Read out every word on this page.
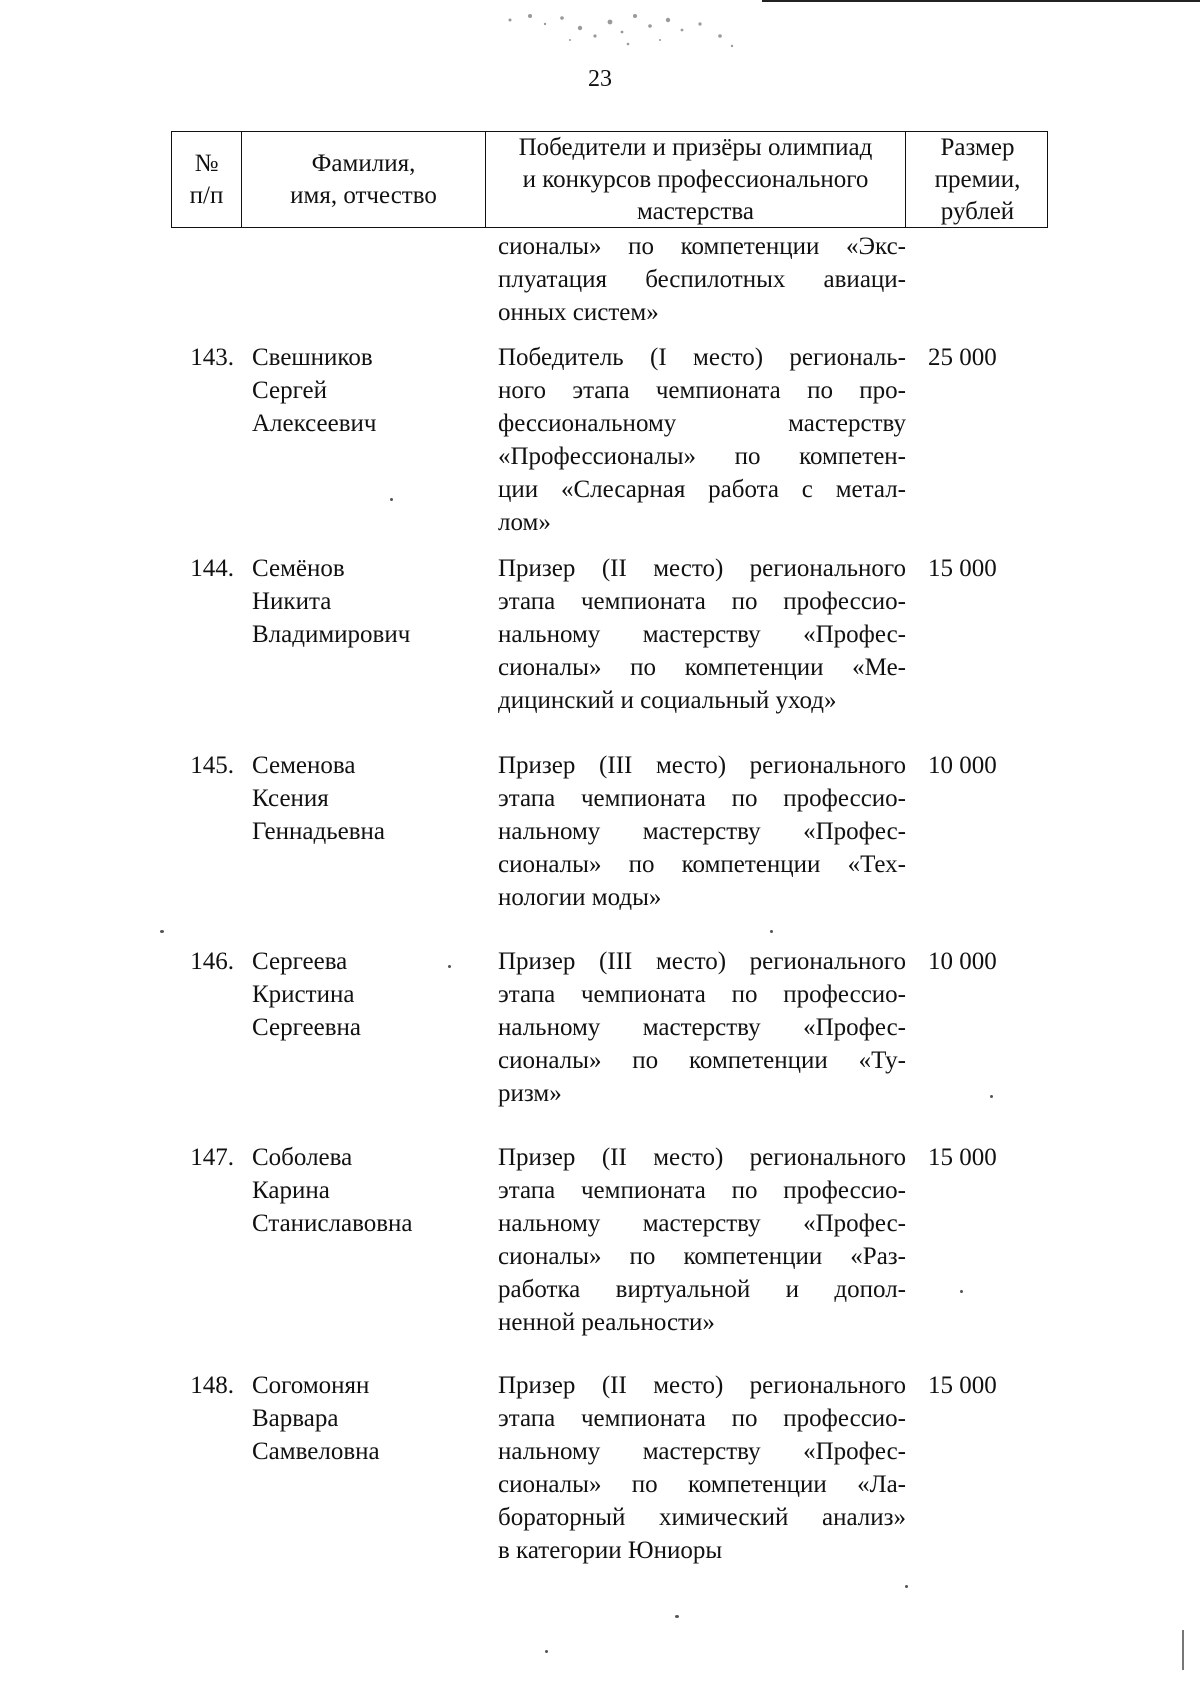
23
№
п/п
Фамилия,
имя, отчество
Победители и призёры олимпиад
и конкурсов профессионального
мастерства
Размер
премии,
рублей
сионалы» по компетенции «Экс-
плуатация беспилотных авиаци-
онных систем»
143. Свешников
Сергей
Алексеевич
Победитель (I место) региональ-
ного этапа чемпионата по про-
фессиональному мастерству
«Профессионалы» по компетен-
ции «Слесарная работа с метал-
лом»
25 000
144. Семёнов
Никита
Владимирович
Призер (II место) регионального
этапа чемпионата по профессио-
нальному мастерству «Профес-
сионалы» по компетенции «Ме-
дицинский и социальный уход»
15 000
145. Семенова
Ксения
Геннадьевна
Призер (III место) регионального
этапа чемпионата по профессио-
нальному мастерству «Профес-
сионалы» по компетенции «Тех-
нологии моды»
10 000
146. Сергеева
Кристина
Сергеевна
Призер (III место) регионального
этапа чемпионата по профессио-
нальному мастерству «Профес-
сионалы» по компетенции «Ту-
ризм»
10 000
147. Соболева
Карина
Станиславовна
Призер (II место) регионального
этапа чемпионата по профессио-
нальному мастерству «Профес-
сионалы» по компетенции «Раз-
работка виртуальной и допол-
ненной реальности»
15 000
148. Согомонян
Варвара
Самвеловна
Призер (II место) регионального
этапа чемпионата по профессио-
нальному мастерству «Профес-
сионалы» по компетенции «Ла-
бораторный химический анализ»
в категории Юниоры
15 000
